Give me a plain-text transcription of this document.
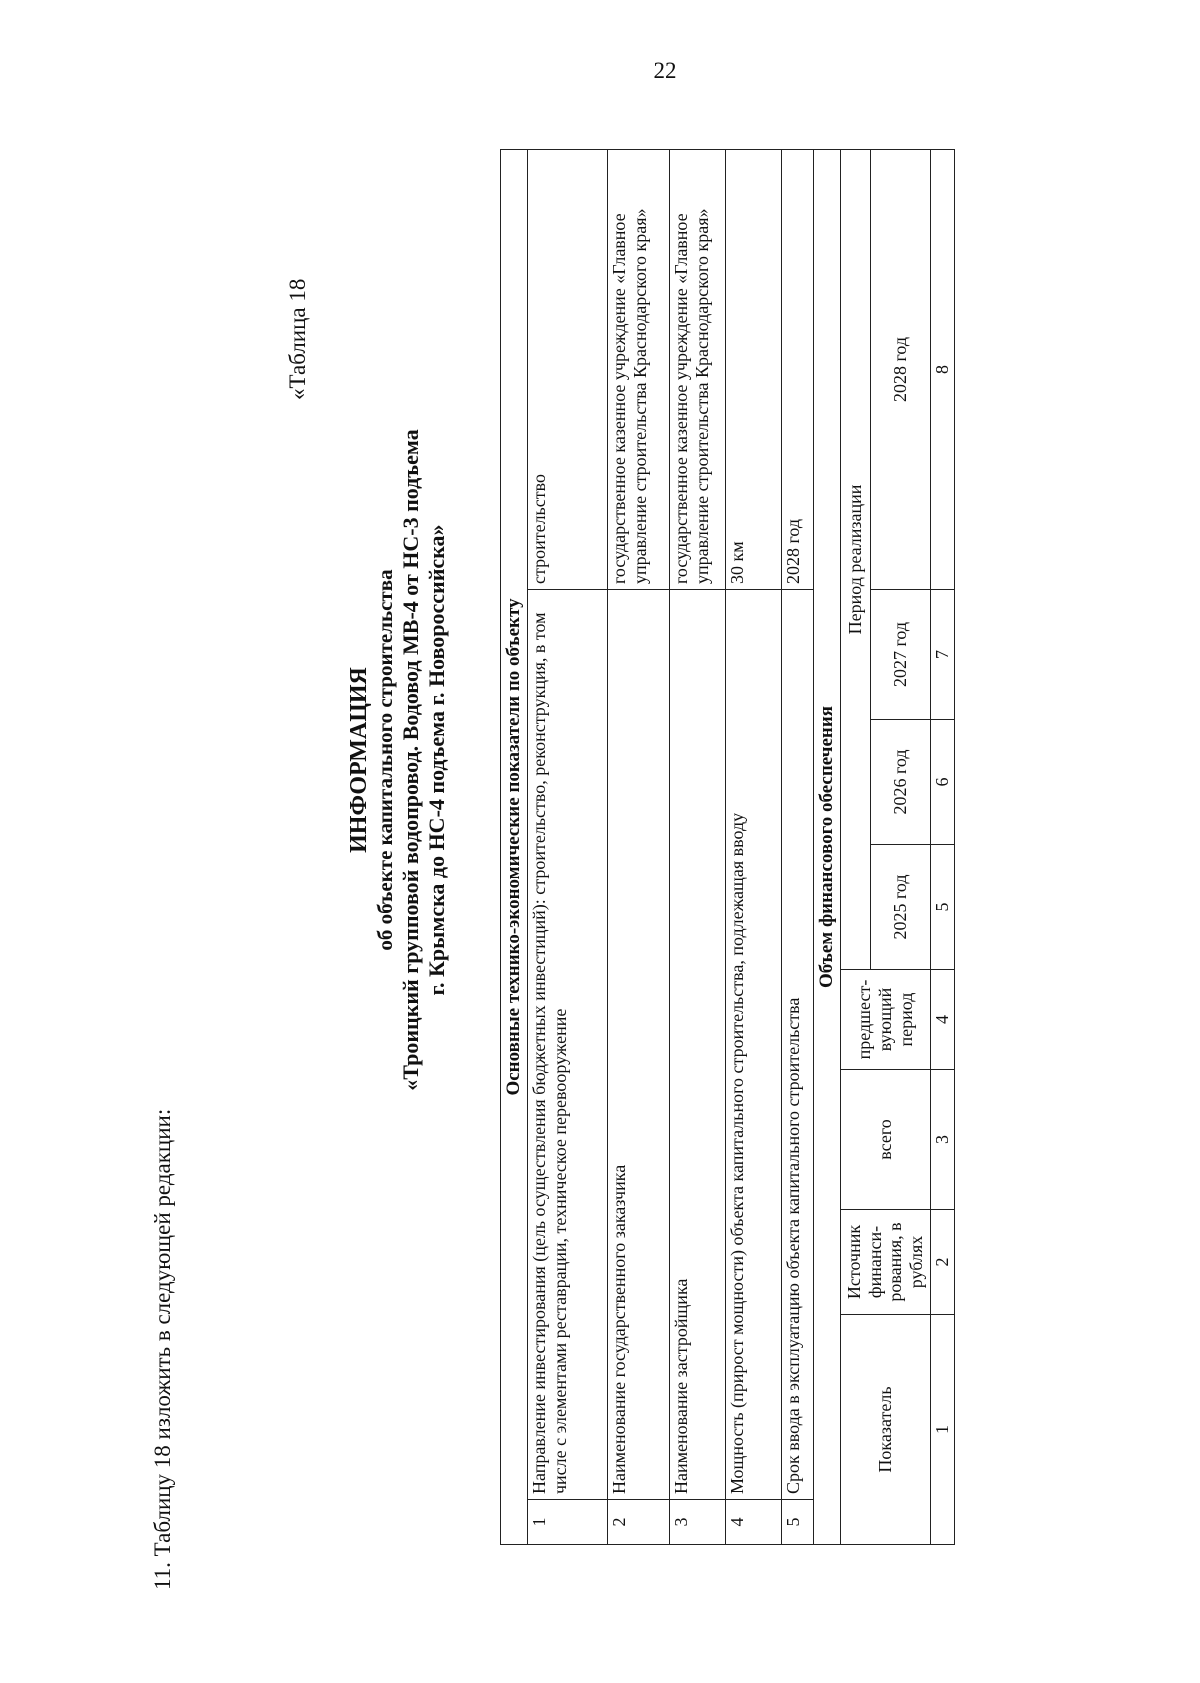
22
11. Таблицу 18 изложить в следующей редакции:
«Таблица 18
ИНФОРМАЦИЯ об объекте капитального строительства «Троицкий групповой водопровод. Водовод МВ-4 от НС-3 подъема г. Крымска до НС-4 подъема г. Новороссийска»	Основные технико-экономические показатели по объекту								
1	Направление инвестирования (цель осуществления бюджетных инвестиций): строительство, реконструкция, в том числе с элементами реставрации, техническое перевооружение							строительство
2	Наименование государственного заказчика							государственное казенное учреждение «Главное управление строительства Краснодарского края»
3	Наименование застройщика							государственное казенное учреждение «Главное управление строительства Краснодарского края»
4	Мощность (прирост мощности) объекта капитального строительства, подлежащая вводу							30 км
5	Срок ввода в эксплуатацию объекта капитального строительства							2028 год
Объем финансового обеспечения								
Показатель		Источник финанси-рования, в рублях	всего	предшест-вующий период	Период реализации			
					2025 год	2026 год	2027 год	2028 год
1		2	3	4	5	6	7	8
